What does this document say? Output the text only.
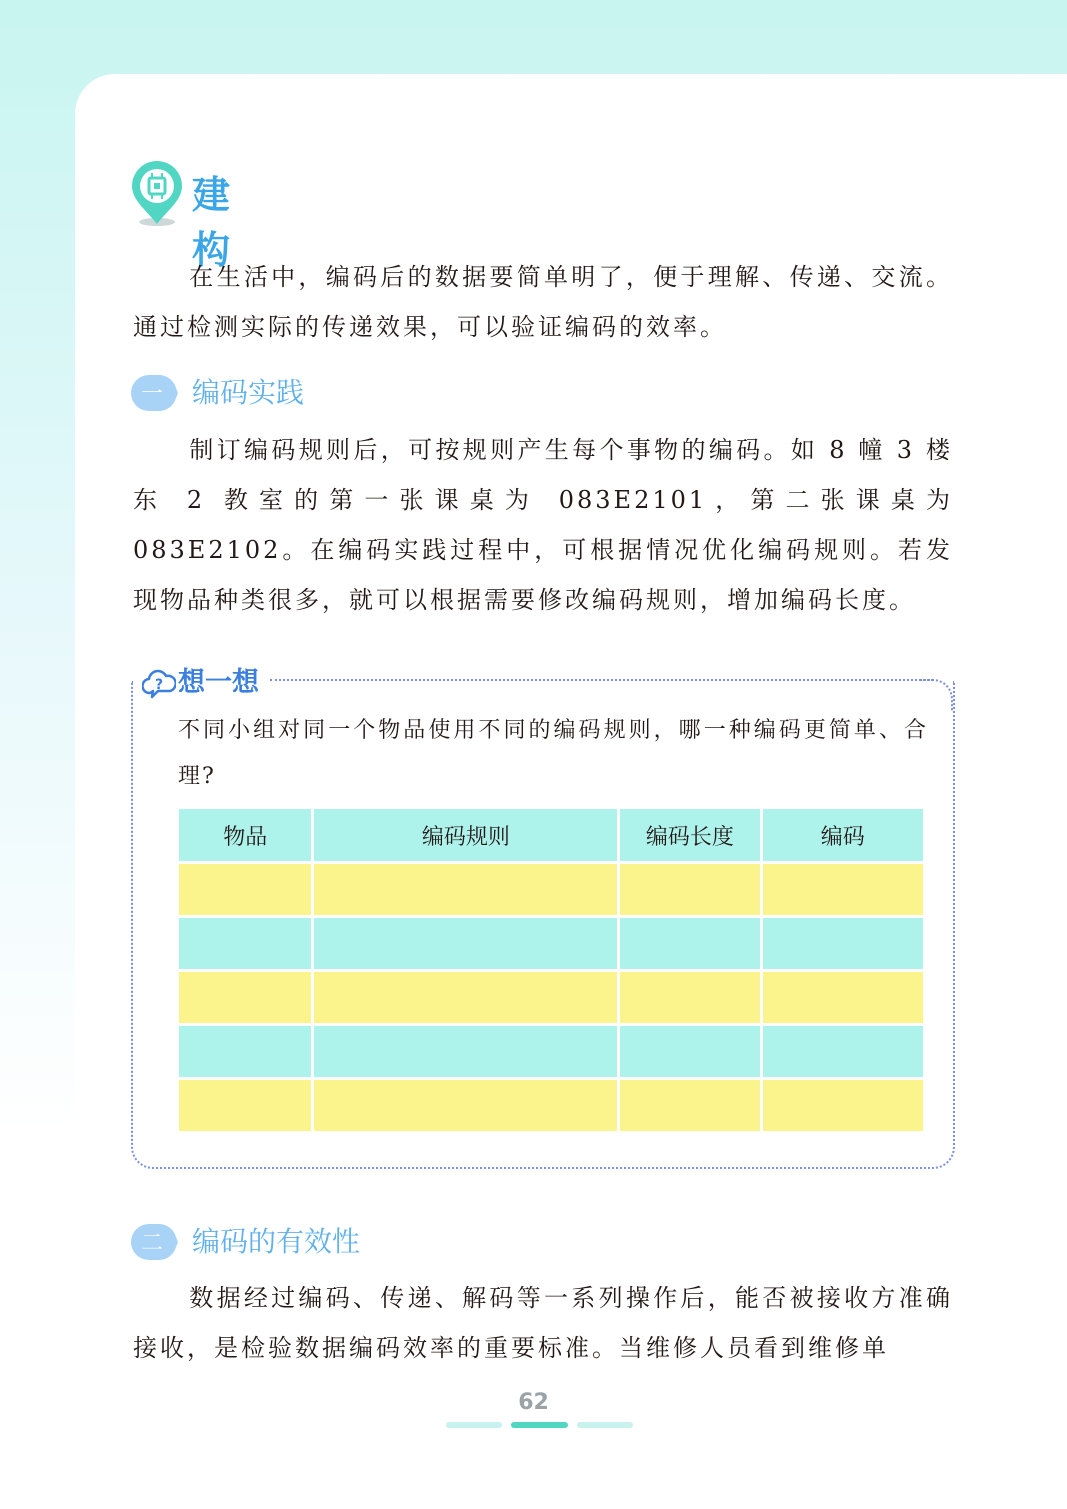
建构

在生活中，编码后的数据要简单明了，便于理解、传递、交流。通过检测实际的传递效果，可以验证编码的效率。

一 编码实践

制订编码规则后，可按规则产生每个事物的编码。如 8 幢 3 楼东 2 教室的第一张课桌为 083E2101，第二张课桌为 083E2102。在编码实践过程中，可根据情况优化编码规则。若发现物品种类很多，就可以根据需要修改编码规则，增加编码长度。

? 想一想

不同小组对同一个物品使用不同的编码规则，哪一种编码更简单、合理?

物品	编码规则	编码长度	编码

二 编码的有效性

数据经过编码、传递、解码等一系列操作后，能否被接收方准确接收，是检验数据编码效率的重要标准。当维修人员看到维修单

62
